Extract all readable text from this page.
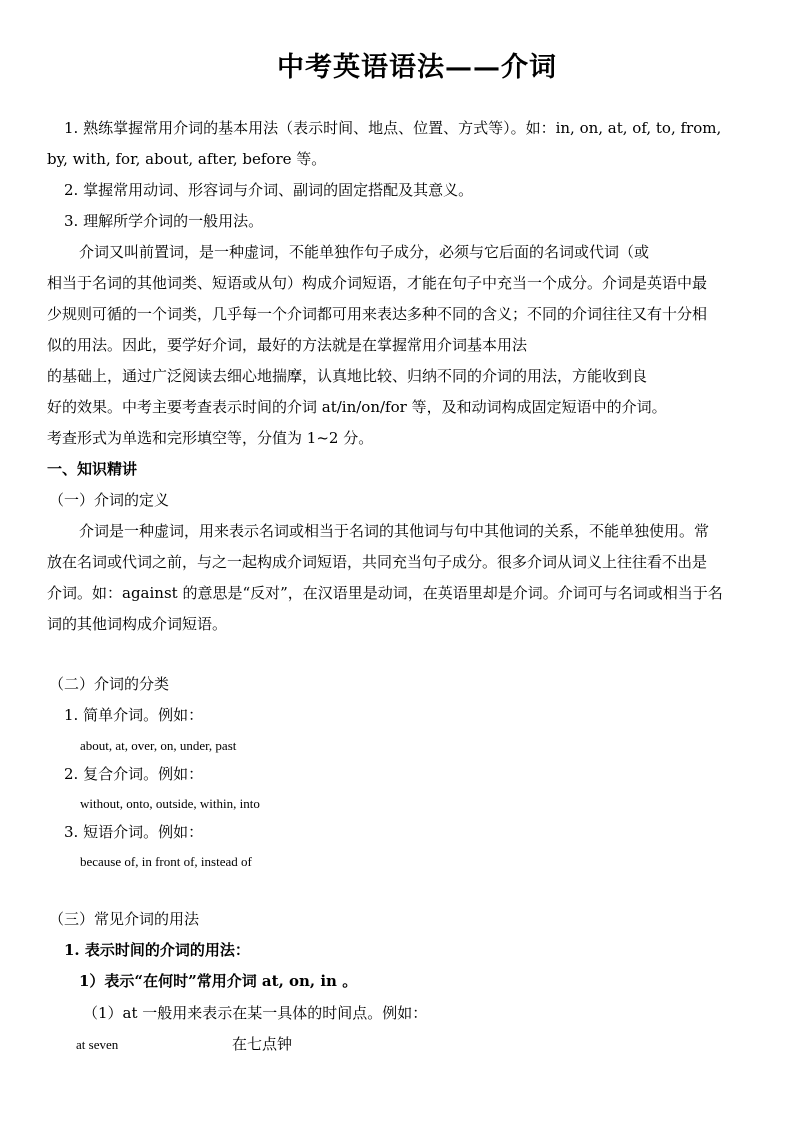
中考英语语法——介词
1. 熟练掌握常用介词的基本用法（表示时间、地点、位置、方式等）。如：in, on, at, of, to, from,
by, with, for, about, after, before 等。
2. 掌握常用动词、形容词与介词、副词的固定搭配及其意义。
3. 理解所学介词的一般用法。
介词又叫前置词，是一种虚词，不能单独作句子成分，必须与它后面的名词或代词（或
相当于名词的其他词类、短语或从句）构成介词短语，才能在句子中充当一个成分。介词是英语中最
少规则可循的一个词类，几乎每一个介词都可用来表达多种不同的含义；不同的介词往往又有十分相
似的用法。因此，要学好介词，最好的方法就是在掌握常用介词基本用法
的基础上，通过广泛阅读去细心地揣摩，认真地比较、归纳不同的介词的用法，方能收到良
好的效果。中考主要考查表示时间的介词 at/in/on/for 等，及和动词构成固定短语中的介词。
考查形式为单选和完形填空等，分值为 1~2 分。
一、知识精讲
（一）介词的定义
介词是一种虚词，用来表示名词或相当于名词的其他词与句中其他词的关系，不能单独使用。常
放在名词或代词之前，与之一起构成介词短语，共同充当句子成分。很多介词从词义上往往看不出是
介词。如：against 的意思是“反对”，在汉语里是动词，在英语里却是介词。介词可与名词或相当于名
词的其他词构成介词短语。
（二）介词的分类
1. 简单介词。例如：
about, at, over, on, under, past
2. 复合介词。例如：
without, onto, outside, within, into
3. 短语介词。例如：
because of, in front of, instead of
（三）常见介词的用法
1. 表示时间的介词的用法：
1）表示“在何时”常用介词 at, on, in 。
（1）at 一般用来表示在某一具体的时间点。例如：
at seven	在七点钟
